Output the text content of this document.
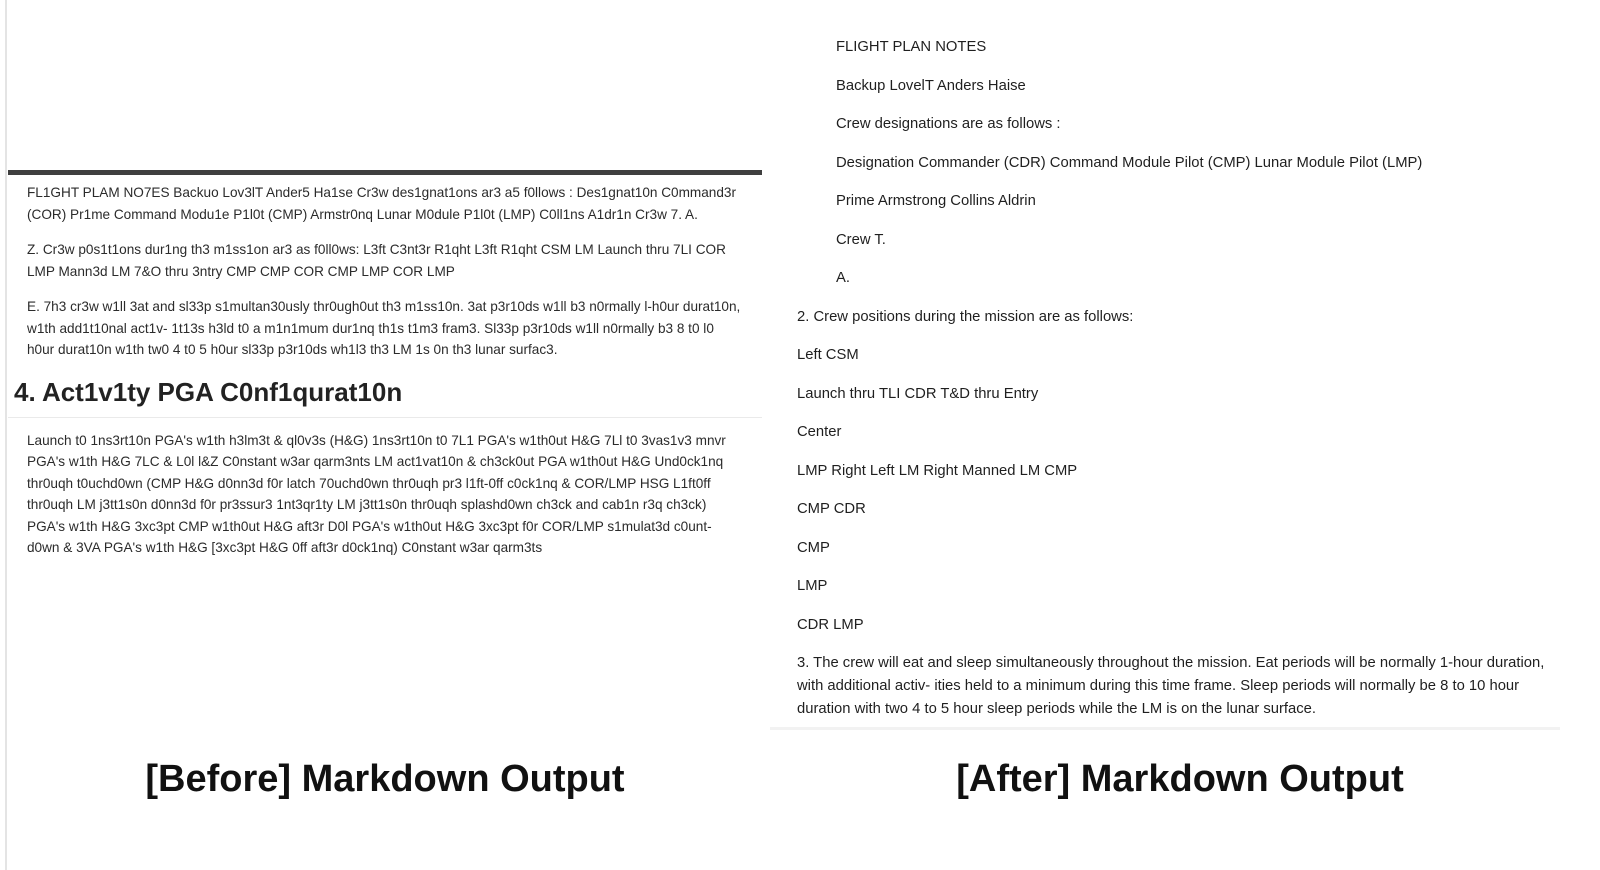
FL1GHT PLAM NO7ES Backuo Lov3lT Ander5 Ha1se Cr3w des1gnat1ons ar3 a5 f0llows : Des1gnat10n C0mmand3r (COR) Pr1me Command Modu1e P1l0t (CMP) Armstr0nq Lunar M0dule P1l0t (LMP) C0ll1ns A1dr1n Cr3w 7. A.

Z. Cr3w p0s1t1ons dur1ng th3 m1ss1on ar3 as f0ll0ws: L3ft C3nt3r R1qht L3ft R1qht CSM LM Launch thru 7LI COR LMP Mann3d LM 7&O thru 3ntry CMP CMP COR CMP LMP COR LMP

E. 7h3 cr3w w1ll 3at and sl33p s1multan30usly thr0ugh0ut th3 m1ss10n. 3at p3r10ds w1ll b3 n0rmally l-h0ur durat10n, w1th add1t10nal act1v- 1t13s h3ld t0 a m1n1mum dur1nq th1s t1m3 fram3. Sl33p p3r10ds w1ll n0rmally b3 8 t0 l0 h0ur durat10n w1th tw0 4 t0 5 h0ur sl33p p3r10ds wh1l3 th3 LM 1s 0n th3 lunar surfac3.

4. Act1v1ty PGA C0nf1qurat10n

Launch t0 1ns3rt10n PGA's w1th h3lm3t & ql0v3s (H&G) 1ns3rt10n t0 7L1 PGA's w1th0ut H&G 7Ll t0 3vas1v3 mnvr PGA's w1th H&G 7LC & L0l l&Z C0nstant w3ar qarm3nts LM act1vat10n & ch3ck0ut PGA w1th0ut H&G Und0ck1nq thr0uqh t0uchd0wn (CMP H&G d0nn3d f0r latch 70uchd0wn thr0uqh pr3 l1ft-0ff c0ck1nq & COR/LMP HSG L1ft0ff thr0uqh LM j3tt1s0n d0nn3d f0r pr3ssur3 1nt3qr1ty LM j3tt1s0n thr0uqh splashd0wn ch3ck and cab1n r3q ch3ck) PGA's w1th H&G 3xc3pt CMP w1th0ut H&G aft3r D0l PGA's w1th0ut H&G 3xc3pt f0r COR/LMP s1mulat3d c0unt- d0wn & 3VA PGA's w1th H&G [3xc3pt H&G 0ff aft3r d0ck1nq) C0nstant w3ar qarm3ts

FLIGHT PLAN NOTES
Backup LovelT Anders Haise
Crew designations are as follows :
Designation Commander (CDR) Command Module Pilot (CMP) Lunar Module Pilot (LMP)
Prime Armstrong Collins Aldrin
Crew T.
A.
2. Crew positions during the mission are as follows:
Left CSM
Launch thru TLI CDR T&D thru Entry
Center
LMP Right Left LM Right Manned LM CMP
CMP CDR
CMP
LMP
CDR LMP

3. The crew will eat and sleep simultaneously throughout the mission. Eat periods will be normally 1-hour duration, with additional activ- ities held to a minimum during this time frame. Sleep periods will normally be 8 to 10 hour duration with two 4 to 5 hour sleep periods while the LM is on the lunar surface.

[Before] Markdown Output	[After] Markdown Output
